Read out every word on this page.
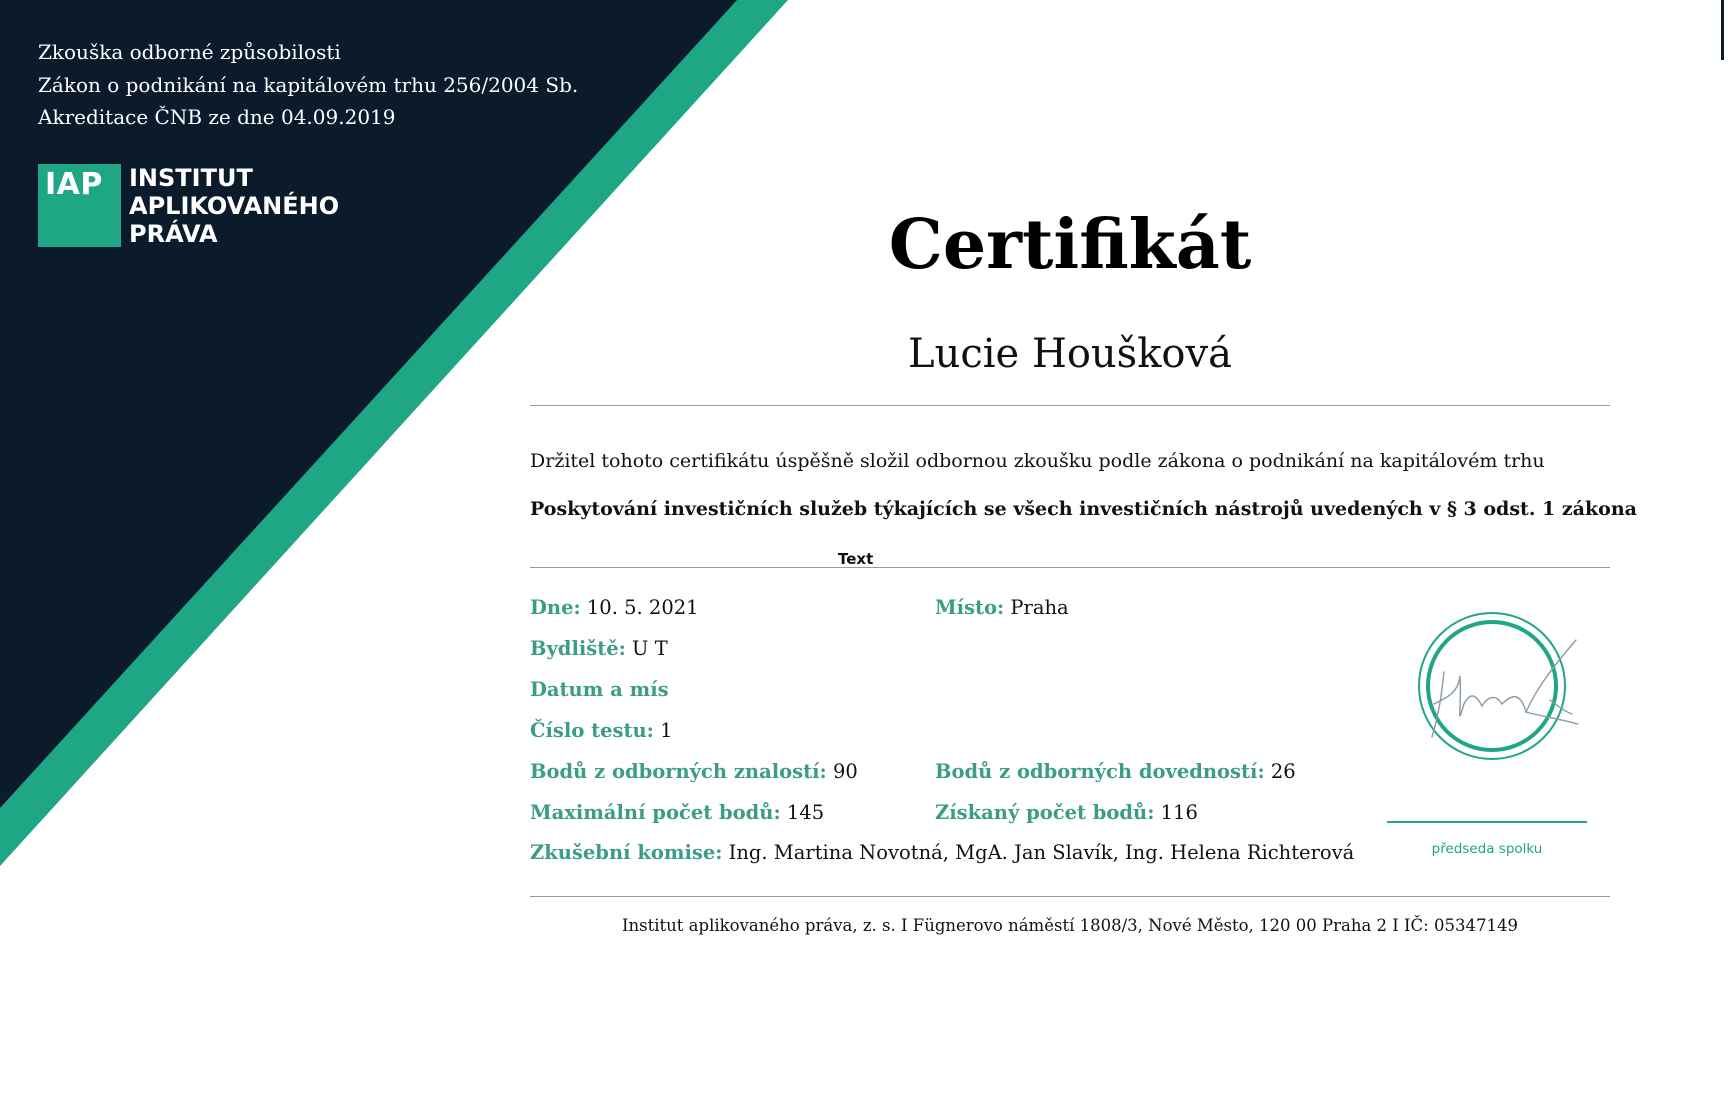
Zkouška odborné způsobilosti
Zákon o podnikání na kapitálovém trhu 256/2004 Sb.
Akreditace ČNB ze dne 04.09.2019
IAP INSTITUT
APLIKOVANÉHO
PRÁVA	Certifikát
Lucie Houšková
Držitel tohoto certifikátu úspěšně složil odbornou zkoušku podle zákona o podnikání na kapitálovém trhu
Poskytování investičních služeb týkajících se všech investičních nástrojů uvedených v § 3 odst. 1 zákona
Text
Dne: 10. 5. 2021	Místo: Praha
Bydliště: U T
Datum a mís
Číslo testu: 1
Bodů z odborných znalostí: 90	Bodů z odborných dovedností: 26
Maximální počet bodů: 145	Získaný počet bodů: 116
Zkušební komise: Ing. Martina Novotná, MgA. Jan Slavík, Ing. Helena Richterová	předseda spolku
Institut aplikovaného práva, z. s. I Fügnerovo náměstí 1808/3, Nové Město, 120 00 Praha 2 I IČ: 05347149
